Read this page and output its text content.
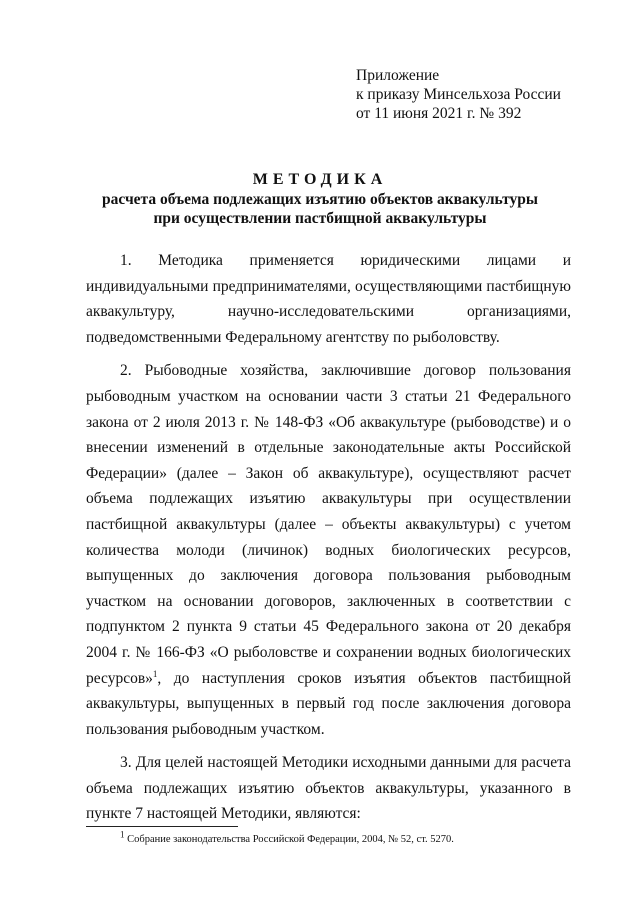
Приложение
к приказу Минсельхоза России
от 11 июня 2021 г. № 392
МЕТОДИКА
расчета объема подлежащих изъятию объектов аквакультуры
при осуществлении пастбищной аквакультуры

1. Методика применяется юридическими лицами и индивидуальными предпринимателями, осуществляющими пастбищную аквакультуру, научно-исследовательскими организациями, подведомственными Федеральному агентству по рыболовству.

2. Рыбоводные хозяйства, заключившие договор пользования рыбоводным участком на основании части 3 статьи 21 Федерального закона от 2 июля 2013 г. № 148-ФЗ «Об аквакультуре (рыбоводстве) и о внесении изменений в отдельные законодательные акты Российской Федерации» (далее – Закон об аквакультуре), осуществляют расчет объема подлежащих изъятию аквакультуры при осуществлении пастбищной аквакультуры (далее – объекты аквакультуры) с учетом количества молоди (личинок) водных биологических ресурсов, выпущенных до заключения договора пользования рыбоводным участком на основании договоров, заключенных в соответствии с подпунктом 2 пункта 9 статьи 45 Федерального закона от 20 декабря 2004 г. № 166-ФЗ «О рыболовстве и сохранении водных биологических ресурсов»$^1$, до наступления сроков изъятия объектов пастбищной аквакультуры, выпущенных в первый год после заключения договора пользования рыбоводным участком.

3. Для целей настоящей Методики исходными данными для расчета объема подлежащих изъятию объектов аквакультуры, указанного в пункте 7 настоящей Методики, являются:

$^1$ Собрание законодательства Российской Федерации, 2004, № 52, ст. 5270.
